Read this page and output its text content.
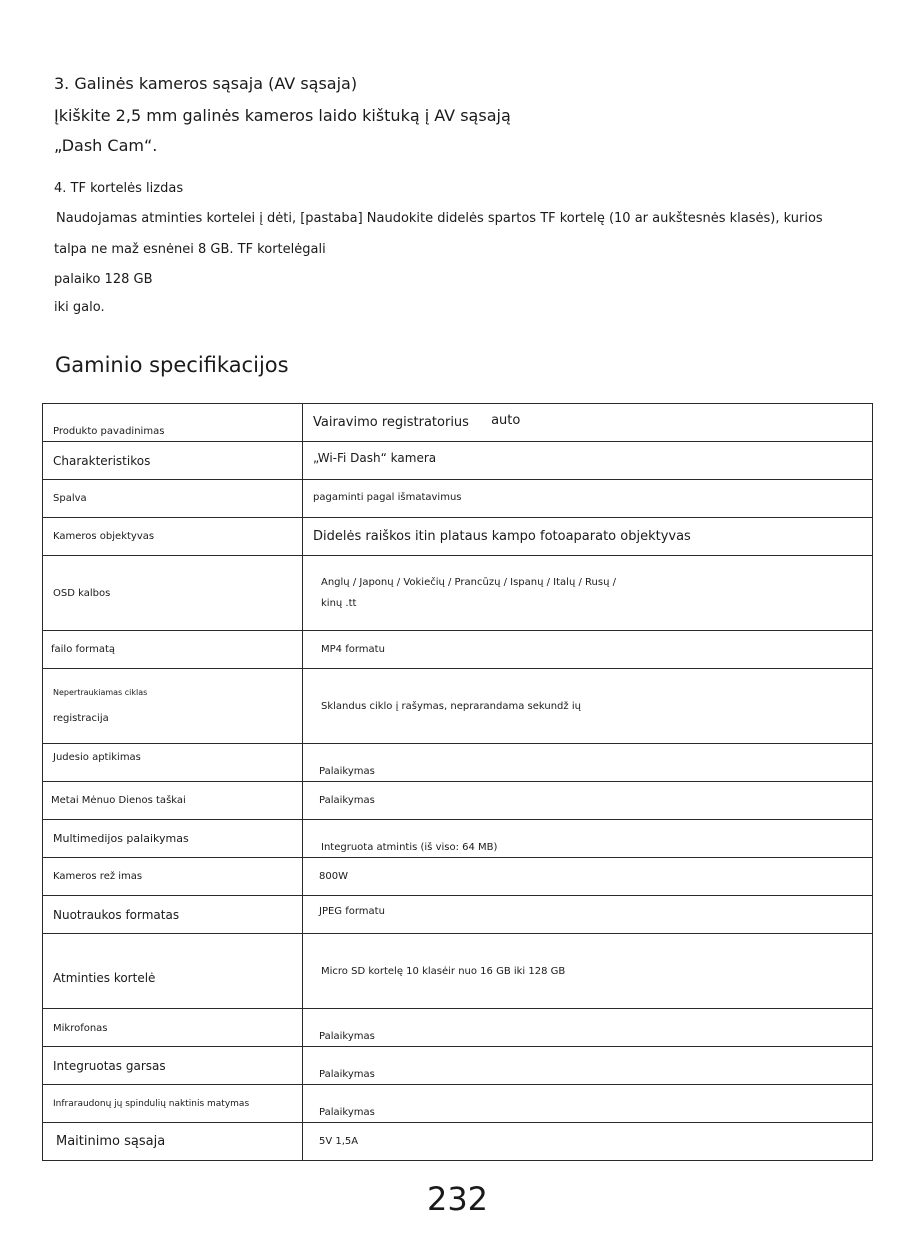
3. Galinės kameros sąsaja (AV sąsaja)
Įkiškite 2,5 mm galinės kameros laido kištuką į AV sąsają
„Dash Cam“.
4. TF kortelės lizdas
Naudojamas atminties kortelei į dėti, [pastaba] Naudokite didelės spartos TF kortelę (10 ar aukštesnės klasės), kurios
talpa ne maž esnėnei 8 GB. TF kortelėgali
palaiko 128 GB
iki galo.
Gaminio specifikacijos
Produkto pavadinimas	Vairavimo registratorius auto
Charakteristikos	„Wi-Fi Dash“ kamera
Spalva	pagaminti pagal išmatavimus
Kameros objektyvas	Didelės raiškos itin plataus kampo fotoaparato objektyvas
OSD kalbos	Anglų / Japonų / Vokiečių / Prancūzų / Ispanų / Italų / Rusų /
kinų .tt

failo formatą	MP4 formatu

Nepertraukiamas ciklas
registracija	Sklandus ciklo į rašymas, neprarandama sekundž ių
Judesio aptikimas	Palaikymas
Metai Mėnuo Dienos taškai	Palaikymas
Multimedijos palaikymas	Integruota atmintis (iš viso: 64 MB)
Kameros rež imas	800W
Nuotraukos formatas	JPEG formatu
Atminties kortelė	Micro SD kortelę 10 klasėir nuo 16 GB iki 128 GB
Mikrofonas	Palaikymas
Integruotas garsas	Palaikymas
Infraraudonų jų spindulių naktinis matymas	Palaikymas
Maitinimo sąsaja	5V 1,5A
232
